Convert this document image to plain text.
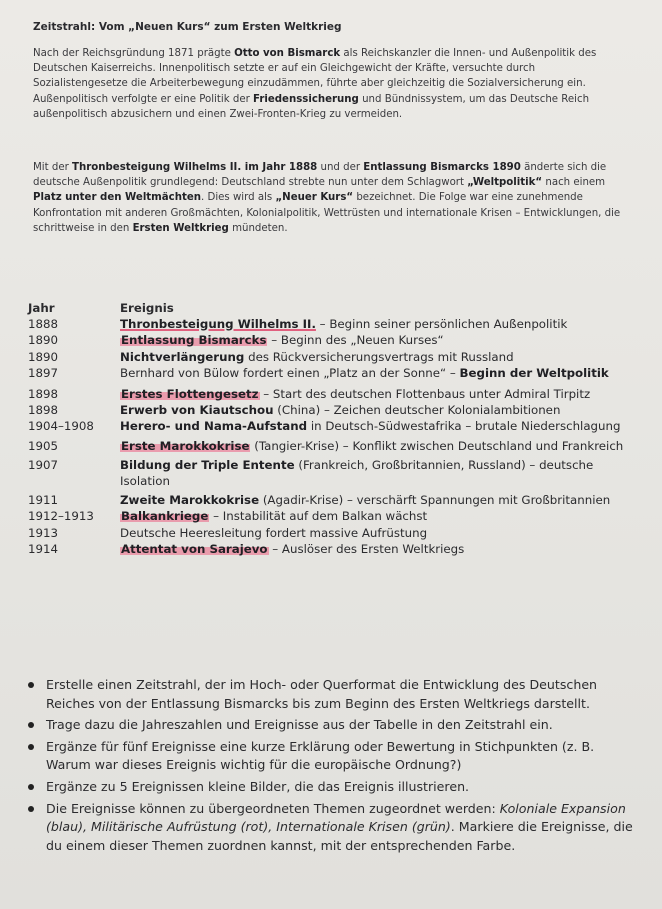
Zeitstrahl: Vom „Neuen Kurs“ zum Ersten Weltkrieg
Nach der Reichsgründung 1871 prägte Otto von Bismarck als Reichskanzler die Innen- und Außenpolitik des Deutschen Kaiserreichs. Innenpolitisch setzte er auf ein Gleichgewicht der Kräfte, versuchte durch Sozialistengesetze die Arbeiterbewegung einzudämmen, führte aber gleichzeitig die Sozialversicherung ein. Außenpolitisch verfolgte er eine Politik der Friedenssicherung und Bündnissystem, um das Deutsche Reich außenpolitisch abzusichern und einen Zwei-Fronten-Krieg zu vermeiden.
Mit der Thronbesteigung Wilhelms II. im Jahr 1888 und der Entlassung Bismarcks 1890 änderte sich die deutsche Außenpolitik grundlegend: Deutschland strebte nun unter dem Schlagwort „Weltpolitik“ nach einem Platz unter den Weltmächten. Dies wird als „Neuer Kurs“ bezeichnet. Die Folge war eine zunehmende Konfrontation mit anderen Großmächten, Kolonialpolitik, Wettrüsten und internationale Krisen – Entwicklungen, die schrittweise in den Ersten Weltkrieg mündeten.
Jahr	Ereignis
1888	Thronbesteigung Wilhelms II. – Beginn seiner persönlichen Außenpolitik
1890	Entlassung Bismarcks – Beginn des „Neuen Kurses“
1890	Nichtverlängerung des Rückversicherungsvertrags mit Russland
1897	Bernhard von Bülow fordert einen „Platz an der Sonne“ – Beginn der Weltpolitik
1898	Erstes Flottengesetz – Start des deutschen Flottenbaus unter Admiral Tirpitz
1898	Erwerb von Kiautschou (China) – Zeichen deutscher Kolonialambitionen
1904–1908	Herero- und Nama-Aufstand in Deutsch-Südwestafrika – brutale Niederschlagung
1905	Erste Marokkokrise (Tangier-Krise) – Konflikt zwischen Deutschland und Frankreich
1907	Bildung der Triple Entente (Frankreich, Großbritannien, Russland) – deutsche Isolation
1911	Zweite Marokkokrise (Agadir-Krise) – verschärft Spannungen mit Großbritannien
1912–1913	Balkankriege – Instabilität auf dem Balkan wächst
1913	Deutsche Heeresleitung fordert massive Aufrüstung
1914	Attentat von Sarajevo – Auslöser des Ersten Weltkriegs
Erstelle einen Zeitstrahl, der im Hoch- oder Querformat die Entwicklung des Deutschen Reiches von der Entlassung Bismarcks bis zum Beginn des Ersten Weltkriegs darstellt.
Trage dazu die Jahreszahlen und Ereignisse aus der Tabelle in den Zeitstrahl ein.
Ergänze für fünf Ereignisse eine kurze Erklärung oder Bewertung in Stichpunkten (z. B. Warum war dieses Ereignis wichtig für die europäische Ordnung?)
Ergänze zu 5 Ereignissen kleine Bilder, die das Ereignis illustrieren.
Die Ereignisse können zu übergeordneten Themen zugeordnet werden: Koloniale Expansion (blau), Militärische Aufrüstung (rot), Internationale Krisen (grün). Markiere die Ereignisse, die du einem dieser Themen zuordnen kannst, mit der entsprechenden Farbe.
